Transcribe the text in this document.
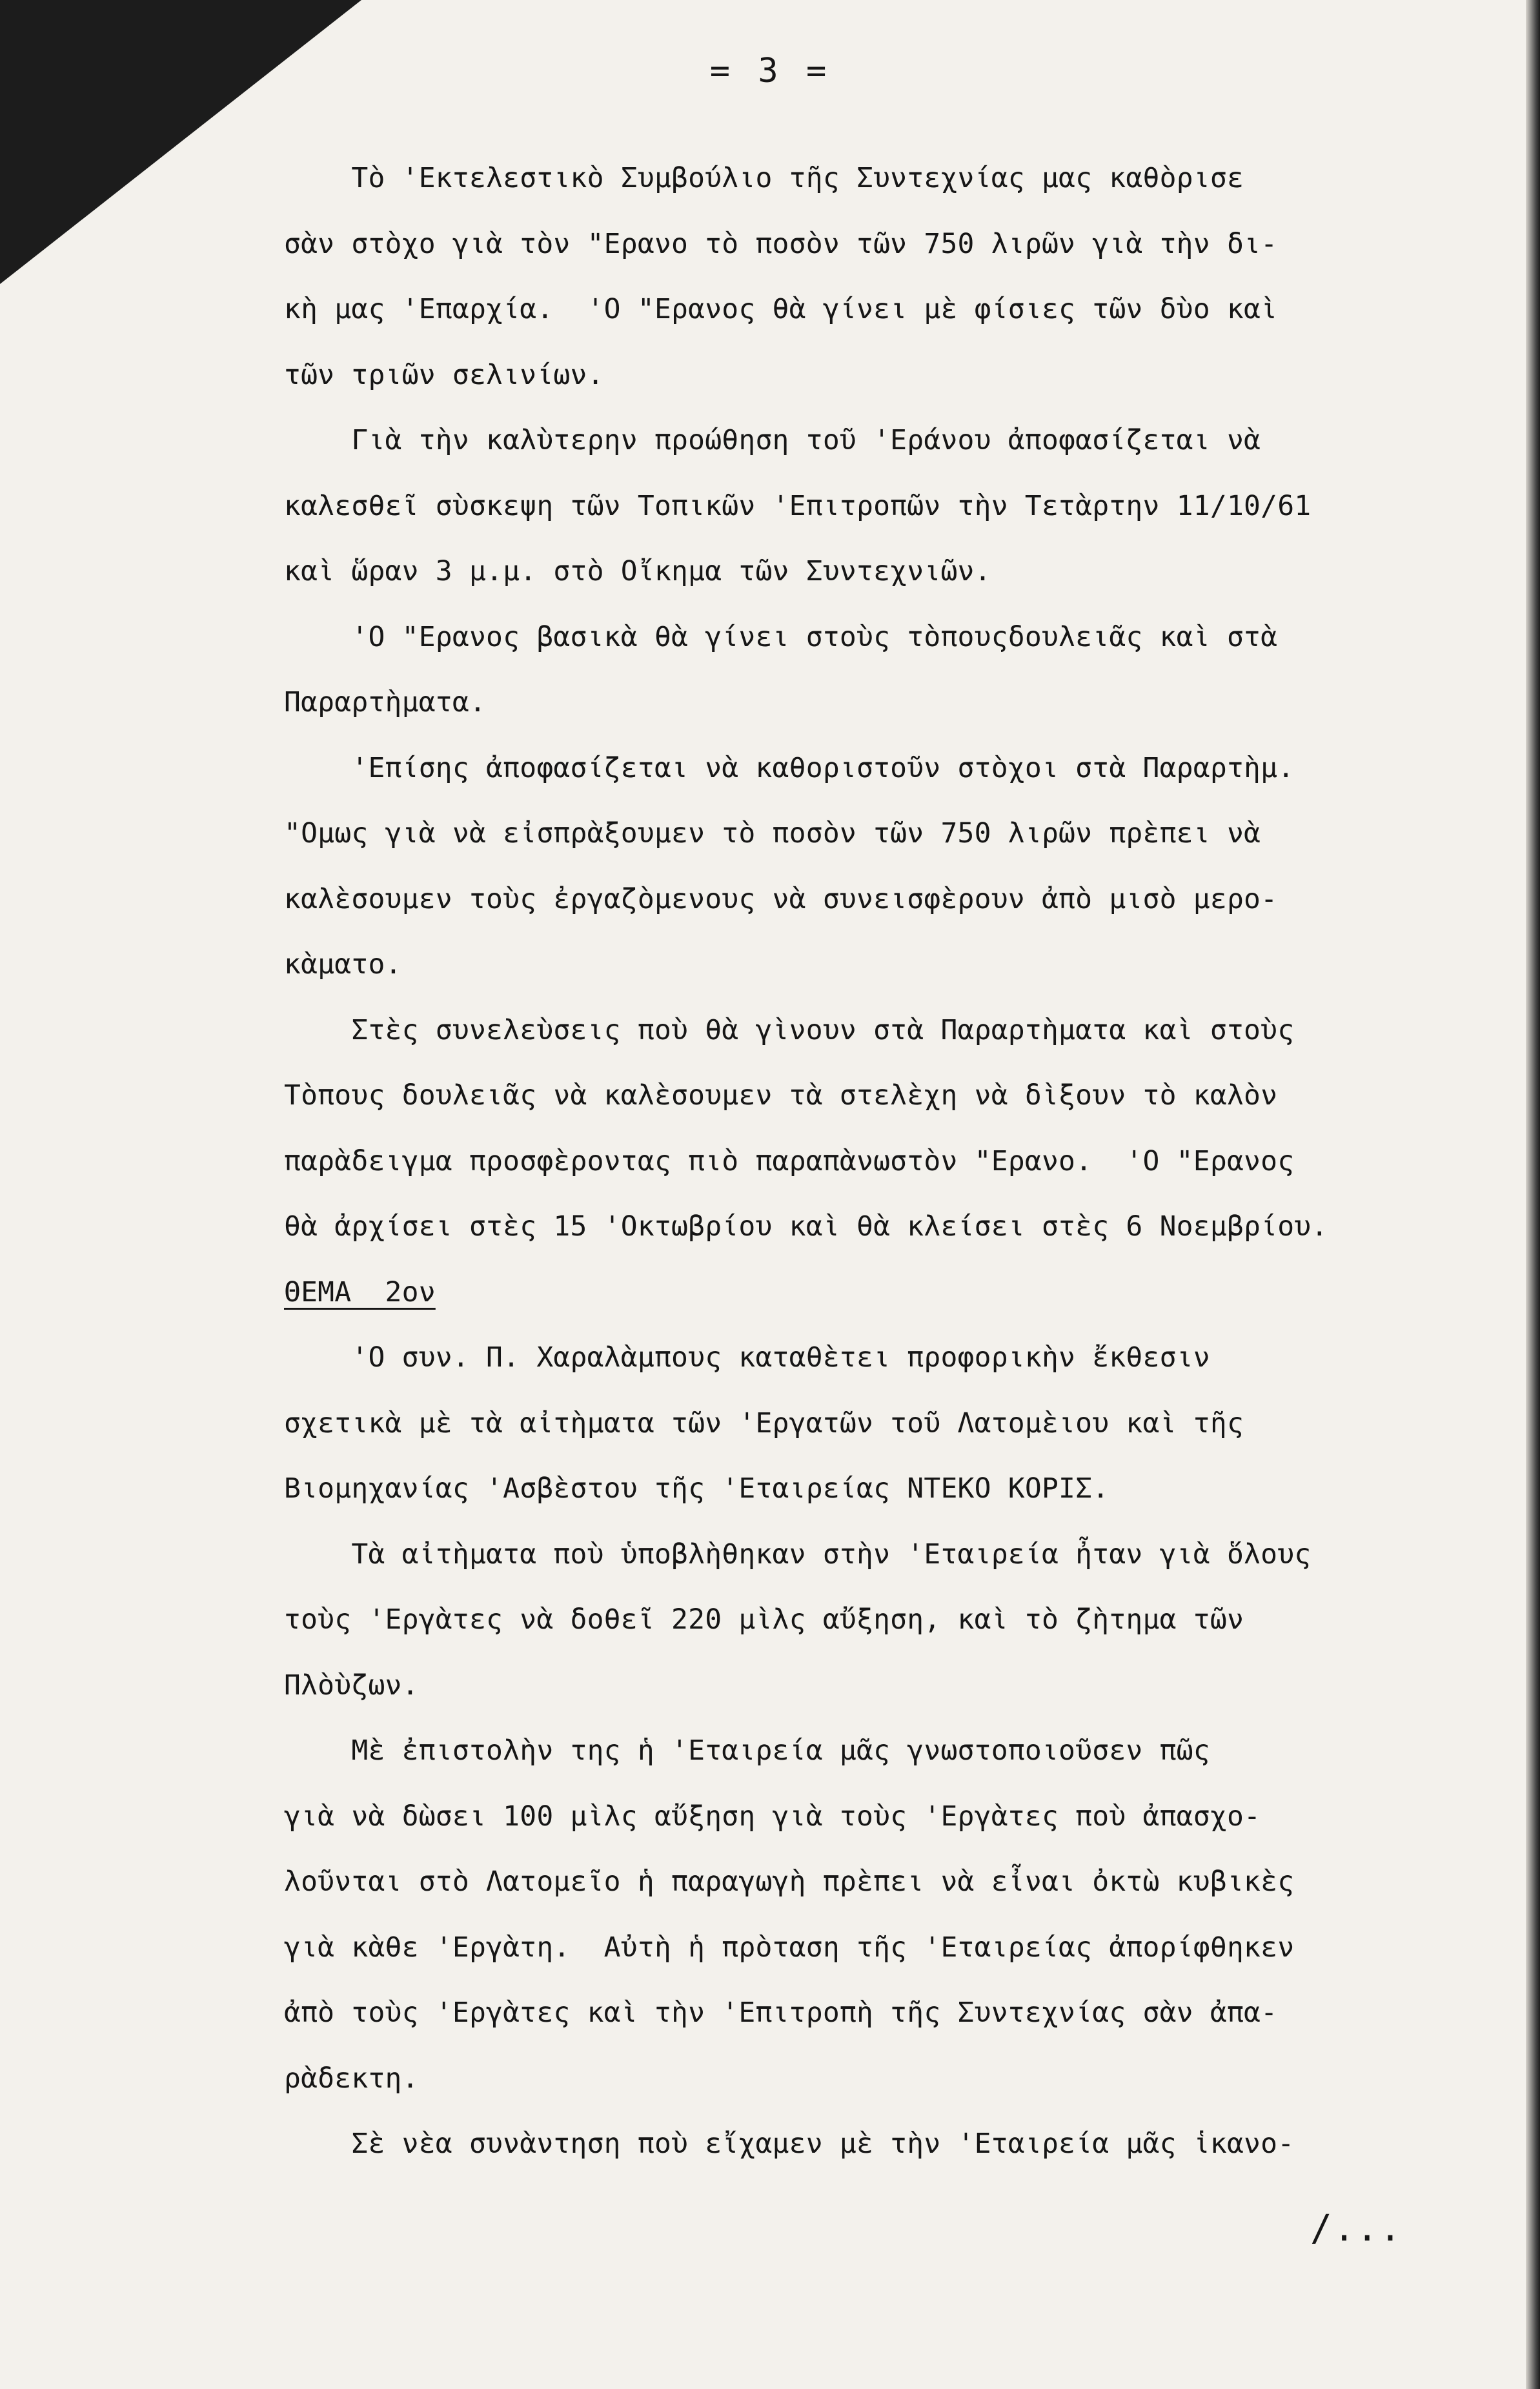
= 3 =
Τὸ 'Εκτελεστικὸ Συμβούλιο τῆς Συντεχνίας μας καθὸρισε
σὰν στὸχο γιὰ τὸν "Ερανο τὸ ποσὸν τῶν 750 λιρῶν γιὰ τὴν δι-
κὴ μας 'Επαρχία.  'Ο "Ερανος θὰ γίνει μὲ φίσιες τῶν δὺο καὶ
τῶν τριῶν σελινίων.
Γιὰ τὴν καλὺτερην προώθηση τοῦ 'Εράνου ἀποφασίζεται νὰ
καλεσθεῖ σὺσκεψη τῶν Τοπικῶν 'Επιτροπῶν τὴν Τετὰρτην 11/10/61
καὶ ὥραν 3 μ.μ. στὸ Οἴκημα τῶν Συντεχνιῶν.
'Ο "Ερανος βασικὰ θὰ γίνει στοὺς τὸπουςδουλειᾶς καὶ στὰ
Παραρτὴματα.
'Επίσης ἀποφασίζεται νὰ καθοριστοῦν στὸχοι στὰ Παραρτὴμ.
"Ομως γιὰ νὰ εἰσπρὰξουμεν τὸ ποσὸν τῶν 750 λιρῶν πρὲπει νὰ
καλὲσουμεν τοὺς ἐργαζὸμενους νὰ συνεισφὲρουν ἀπὸ μισὸ μερο-
κὰματο.
Στὲς συνελεὺσεις ποὺ θὰ γὶνουν στὰ Παραρτὴματα καὶ στοὺς
Τὸπους δουλειᾶς νὰ καλὲσουμεν τὰ στελὲχη νὰ δὶξουν τὸ καλὸν
παρὰδειγμα προσφὲροντας πιὸ παραπὰνωστὸν "Ερανο.  'Ο "Ερανος
θὰ ἀρχίσει στὲς 15 'Οκτωβρίου καὶ θὰ κλείσει στὲς 6 Νοεμβρίου.
ΘΕΜΑ  2ον
'Ο συν. Π. Χαραλὰμπους καταθὲτει προφορικὴν ἔκθεσιν
σχετικὰ μὲ τὰ αἰτὴματα τῶν 'Εργατῶν τοῦ Λατομὲιου καὶ τῆς
Βιομηχανίας 'Ασβὲστου τῆς 'Εταιρείας ΝΤΕΚΟ ΚΟΡΙΣ.
Τὰ αἰτὴματα ποὺ ὑποβλὴθηκαν στὴν 'Εταιρεία ἦταν γιὰ ὅλους
τοὺς 'Εργὰτες νὰ δοθεῖ 220 μὶλς αὔξηση, καὶ τὸ ζὴτημα τῶν
Πλὸὺζων.
Μὲ ἐπιστολὴν της ἡ 'Εταιρεία μᾶς γνωστοποιοῦσεν πῶς
γιὰ νὰ δὼσει 100 μὶλς αὔξηση γιὰ τοὺς 'Εργὰτες ποὺ ἀπασχο-
λοῦνται στὸ Λατομεῖο ἡ παραγωγὴ πρὲπει νὰ εἶναι ὀκτὼ κυβικὲς
γιὰ κὰθε 'Εργὰτη.  Αὐτὴ ἡ πρὸταση τῆς 'Εταιρείας ἀπορίφθηκεν
ἀπὸ τοὺς 'Εργὰτες καὶ τὴν 'Επιτροπὴ τῆς Συντεχνίας σὰν ἀπα-
ρὰδεκτη.
Σὲ νὲα συνὰντηση ποὺ εἴχαμεν μὲ τὴν 'Εταιρεία μᾶς ἱκανο-
/...
